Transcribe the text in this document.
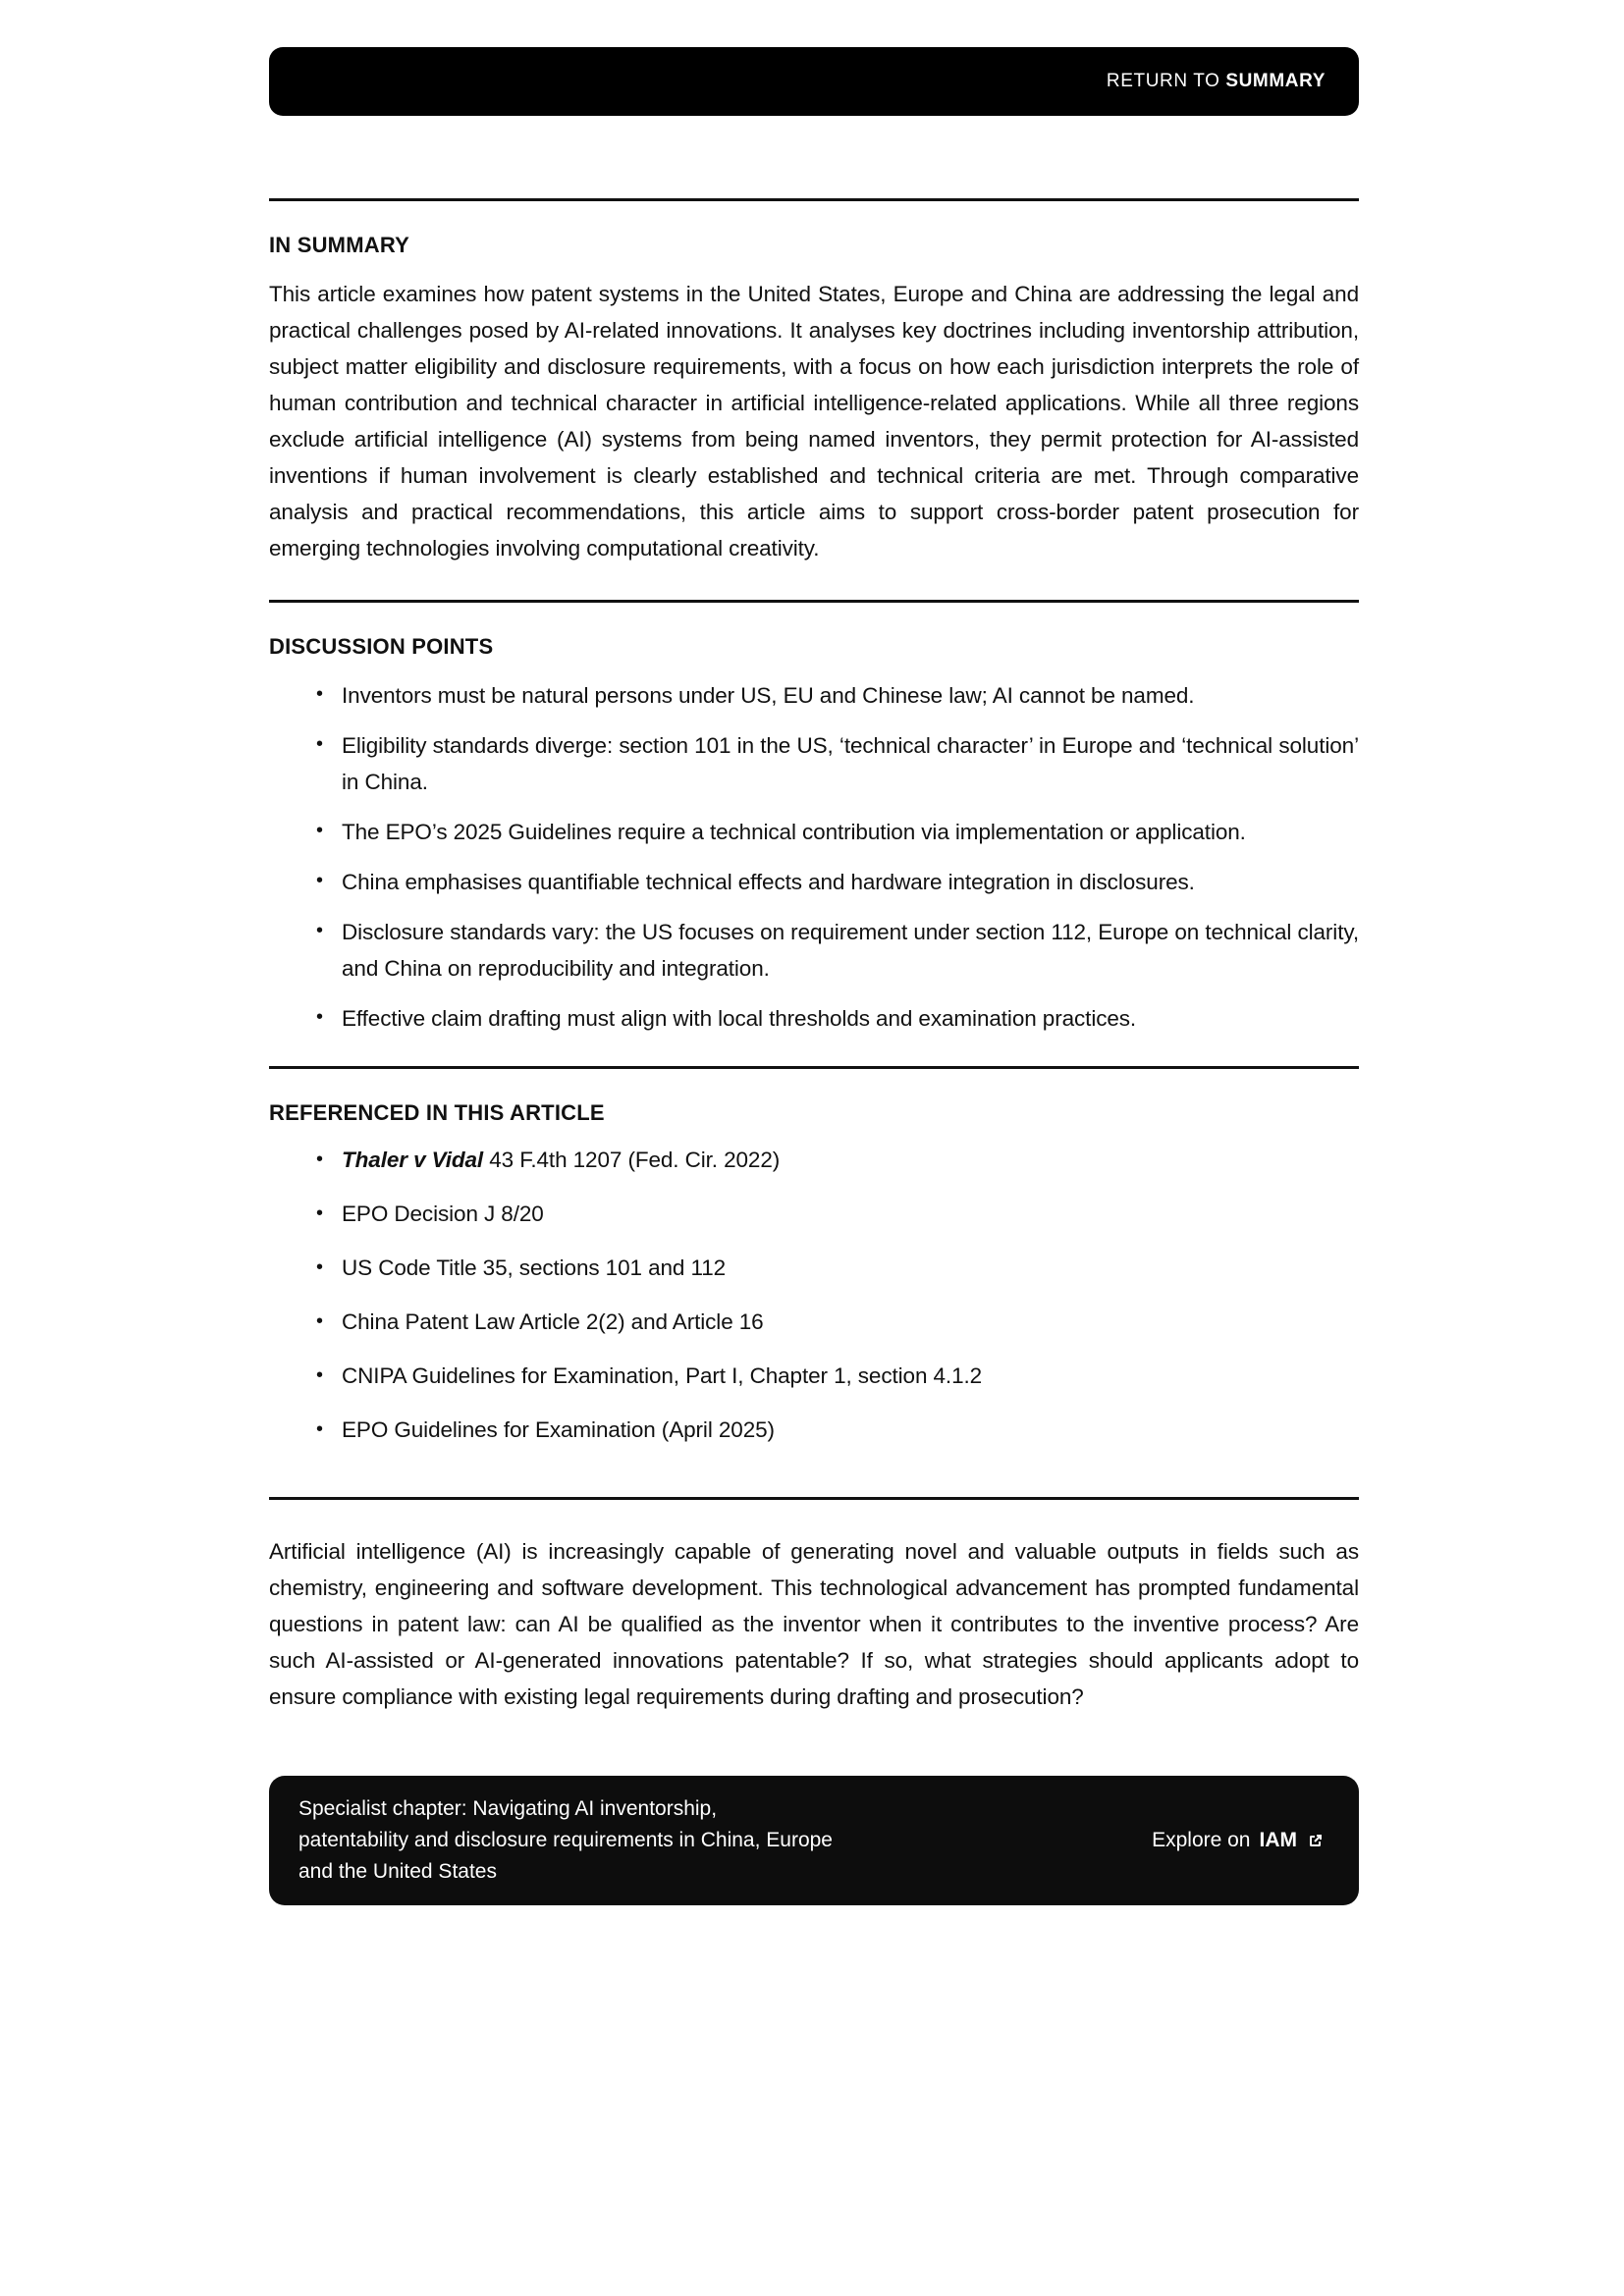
RETURN TO SUMMARY
IN SUMMARY

This article examines how patent systems in the United States, Europe and China are addressing the legal and practical challenges posed by AI-related innovations. It analyses key doctrines including inventorship attribution, subject matter eligibility and disclosure requirements, with a focus on how each jurisdiction interprets the role of human contribution and technical character in artificial intelligence-related applications. While all three regions exclude artificial intelligence (AI) systems from being named inventors, they permit protection for AI-assisted inventions if human involvement is clearly established and technical criteria are met. Through comparative analysis and practical recommendations, this article aims to support cross-border patent prosecution for emerging technologies involving computational creativity.

DISCUSSION POINTS
• Inventors must be natural persons under US, EU and Chinese law; AI cannot be named.
• Eligibility standards diverge: section 101 in the US, ‘technical character’ in Europe and ‘technical solution’ in China.
• The EPO’s 2025 Guidelines require a technical contribution via implementation or application.
• China emphasises quantifiable technical effects and hardware integration in disclosures.
• Disclosure standards vary: the US focuses on requirement under section 112, Europe on technical clarity, and China on reproducibility and integration.
• Effective claim drafting must align with local thresholds and examination practices.
REFERENCED IN THIS ARTICLE
• Thaler v Vidal 43 F.4th 1207 (Fed. Cir. 2022)
• EPO Decision J 8/20
• US Code Title 35, sections 101 and 112
• China Patent Law Article 2(2) and Article 16
• CNIPA Guidelines for Examination, Part I, Chapter 1, section 4.1.2
• EPO Guidelines for Examination (April 2025)

Artificial intelligence (AI) is increasingly capable of generating novel and valuable outputs in fields such as chemistry, engineering and software development. This technological advancement has prompted fundamental questions in patent law: can AI be qualified as the inventor when it contributes to the inventive process? Are such AI-assisted or AI-generated innovations patentable? If so, what strategies should applicants adopt to ensure compliance with existing legal requirements during drafting and prosecution?

Specialist chapter: Navigating AI inventorship,
patentability and disclosure requirements in China, Europe
and the United States
Explore on IAM
